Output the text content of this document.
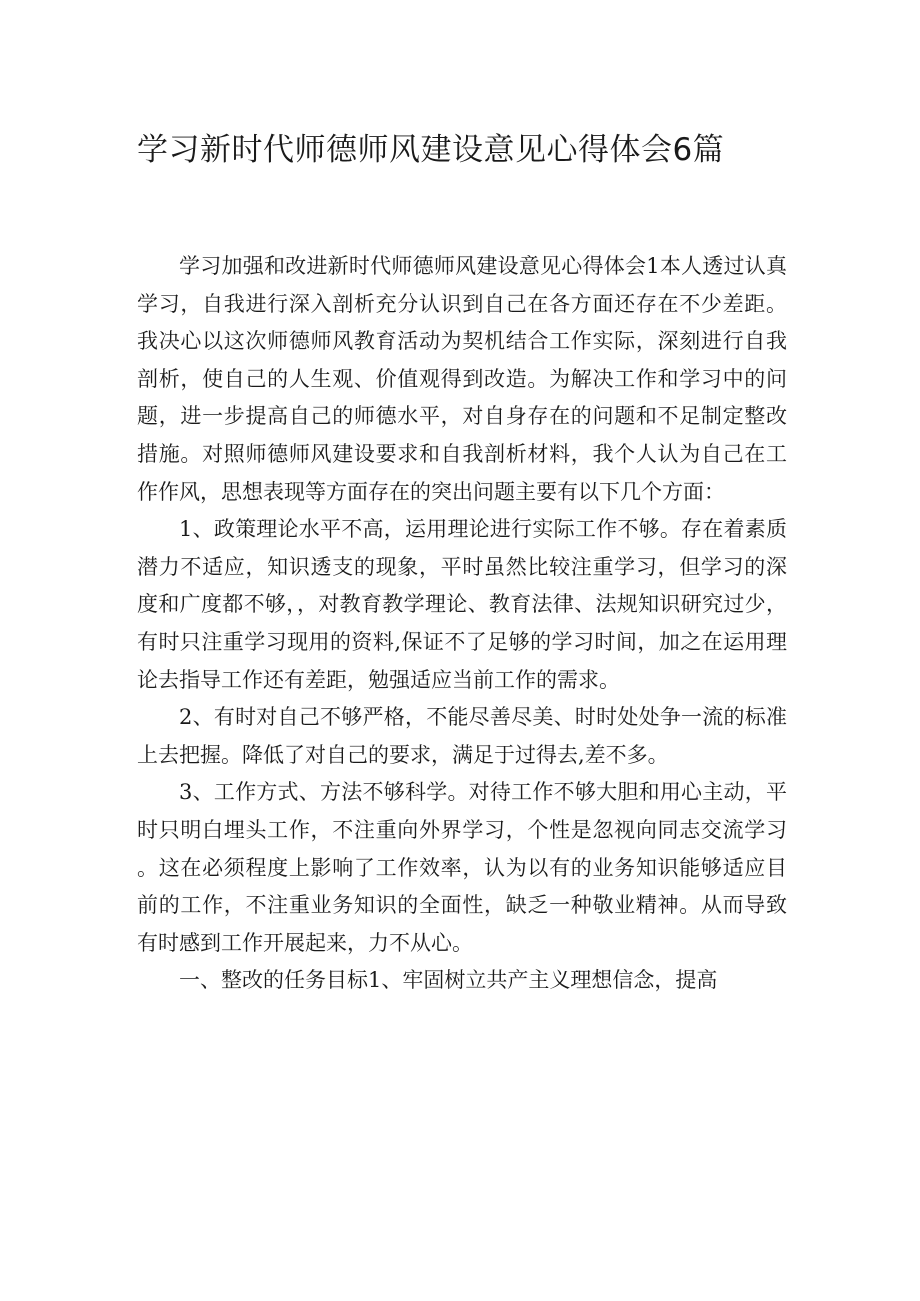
学习新时代师德师风建设意见心得体会6篇

学习加强和改进新时代师德师风建设意见心得体会1本人透过认真学习，自我进行深入剖析充分认识到自己在各方面还存在不少差距。我决心以这次师德师风教育活动为契机结合工作实际，深刻进行自我剖析，使自己的人生观、价值观得到改造。为解决工作和学习中的问题，进一步提高自己的师德水平，对自身存在的问题和不足制定整改措施。对照师德师风建设要求和自我剖析材料，我个人认为自己在工作作风，思想表现等方面存在的突出问题主要有以下几个方面：

1、政策理论水平不高，运用理论进行实际工作不够。存在着素质潜力不适应，知识透支的现象，平时虽然比较注重学习，但学习的深度和广度都不够，，对教育教学理论、教育法律、法规知识研究过少，有时只注重学习现用的资料,保证不了足够的学习时间，加之在运用理论去指导工作还有差距，勉强适应当前工作的需求。

2、有时对自己不够严格，不能尽善尽美、时时处处争一流的标准上去把握。降低了对自己的要求，满足于过得去,差不多。

3、工作方式、方法不够科学。对待工作不够大胆和用心主动，平时只明白埋头工作，不注重向外界学习，个性是忽视向同志交流学习。这在必须程度上影响了工作效率，认为以有的业务知识能够适应目前的工作，不注重业务知识的全面性，缺乏一种敬业精神。从而导致有时感到工作开展起来，力不从心。

一、整改的任务目标1、牢固树立共产主义理想信念，提高
